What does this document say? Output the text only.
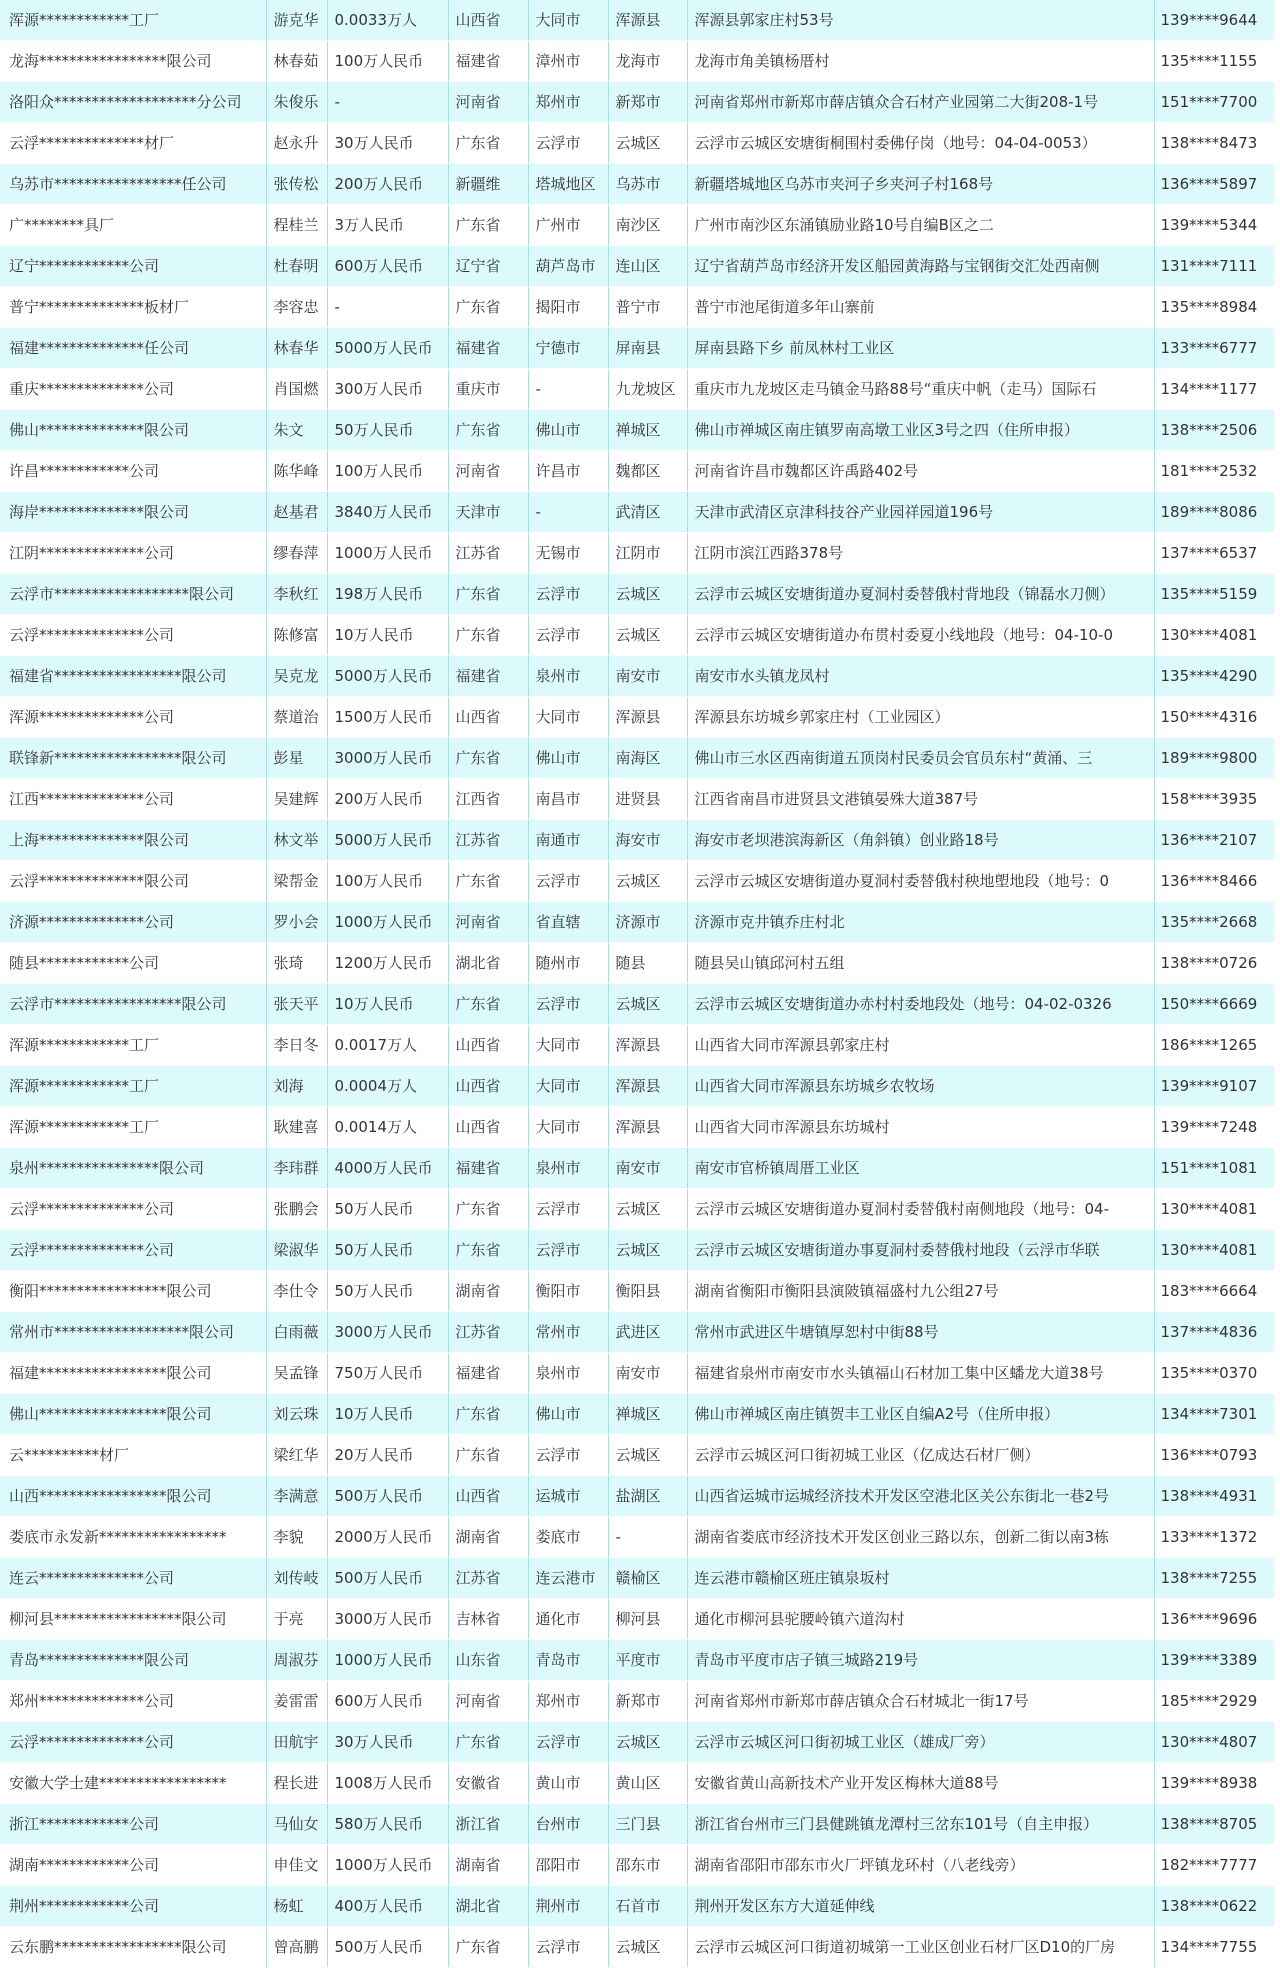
浑源************工厂	游克华	0.0033万人	山西省	大同市	浑源县	浑源县郭家庄村53号	139****9644
龙海*****************限公司	林春茹	100万人民币	福建省	漳州市	龙海市	龙海市角美镇杨厝村	135****1155
洛阳众*******************分公司	朱俊乐	-	河南省	郑州市	新郑市	河南省郑州市新郑市薛店镇众合石材产业园第二大街208-1号	151****7700
云浮**************材厂	赵永升	30万人民币	广东省	云浮市	云城区	云浮市云城区安塘街桐围村委佛仔岗（地号：04-04-0053）	138****8473
乌苏市*****************任公司	张传松	200万人民币	新疆维	塔城地区	乌苏市	新疆塔城地区乌苏市夹河子乡夹河子村168号	136****5897
广********具厂	程桂兰	3万人民币	广东省	广州市	南沙区	广州市南沙区东涌镇励业路10号自编B区之二	139****5344
辽宁************公司	杜春明	600万人民币	辽宁省	葫芦岛市	连山区	辽宁省葫芦岛市经济开发区船园黄海路与宝钢街交汇处西南侧	131****7111
普宁**************板材厂	李容忠	-	广东省	揭阳市	普宁市	普宁市池尾街道多年山寨前	135****8984
福建**************任公司	林春华	5000万人民币	福建省	宁德市	屏南县	屏南县路下乡 前凤林村工业区	133****6777
重庆**************公司	肖国燃	300万人民币	重庆市	-	九龙坡区	重庆市九龙坡区走马镇金马路88号“重庆中帆（走马）国际石	134****1177
佛山**************限公司	朱文	50万人民币	广东省	佛山市	禅城区	佛山市禅城区南庄镇罗南高墩工业区3号之四（住所申报）	138****2506
许昌************公司	陈华峰	100万人民币	河南省	许昌市	魏都区	河南省许昌市魏都区许禹路402号	181****2532
海岸**************限公司	赵基君	3840万人民币	天津市	-	武清区	天津市武清区京津科技谷产业园祥园道196号	189****8086
江阴**************公司	缪春萍	1000万人民币	江苏省	无锡市	江阴市	江阴市滨江西路378号	137****6537
云浮市******************限公司	李秋红	198万人民币	广东省	云浮市	云城区	云浮市云城区安塘街道办夏洞村委替俄村背地段（锦磊水刀侧）	135****5159
云浮**************公司	陈修富	10万人民币	广东省	云浮市	云城区	云浮市云城区安塘街道办布贯村委夏小线地段（地号：04-10-0	130****4081
福建省*****************限公司	吴克龙	5000万人民币	福建省	泉州市	南安市	南安市水头镇龙凤村	135****4290
浑源**************公司	蔡道治	1500万人民币	山西省	大同市	浑源县	浑源县东坊城乡郭家庄村（工业园区）	150****4316
联锋新*****************限公司	彭星	3000万人民币	广东省	佛山市	南海区	佛山市三水区西南街道五顶岗村民委员会官员东村“黄涌、三	189****9800
江西**************公司	吴建辉	200万人民币	江西省	南昌市	进贤县	江西省南昌市进贤县文港镇晏殊大道387号	158****3935
上海**************限公司	林文举	5000万人民币	江苏省	南通市	海安市	海安市老坝港滨海新区（角斜镇）创业路18号	136****2107
云浮**************限公司	梁帮金	100万人民币	广东省	云浮市	云城区	云浮市云城区安塘街道办夏洞村委替俄村秧地塱地段（地号：0	136****8466
济源**************公司	罗小会	1000万人民币	河南省	省直辖	济源市	济源市克井镇乔庄村北	135****2668
随县************公司	张琦	1200万人民币	湖北省	随州市	随县	随县吴山镇邱河村五组	138****0726
云浮市*****************限公司	张天平	10万人民币	广东省	云浮市	云城区	云浮市云城区安塘街道办赤村村委地段处（地号：04-02-0326	150****6669
浑源************工厂	李日冬	0.0017万人	山西省	大同市	浑源县	山西省大同市浑源县郭家庄村	186****1265
浑源************工厂	刘海	0.0004万人	山西省	大同市	浑源县	山西省大同市浑源县东坊城乡农牧场	139****9107
浑源************工厂	耿建喜	0.0014万人	山西省	大同市	浑源县	山西省大同市浑源县东坊城村	139****7248
泉州****************限公司	李玮群	4000万人民币	福建省	泉州市	南安市	南安市官桥镇周厝工业区	151****1081
云浮**************公司	张鹏会	50万人民币	广东省	云浮市	云城区	云浮市云城区安塘街道办夏洞村委替俄村南侧地段（地号：04-	130****4081
云浮**************公司	梁淑华	50万人民币	广东省	云浮市	云城区	云浮市云城区安塘街道办事夏洞村委替俄村地段（云浮市华联	130****4081
衡阳*****************限公司	李仕令	50万人民币	湖南省	衡阳市	衡阳县	湖南省衡阳市衡阳县演陂镇福盛村九公组27号	183****6664
常州市******************限公司	白雨薇	3000万人民币	江苏省	常州市	武进区	常州市武进区牛塘镇厚恕村中街88号	137****4836
福建*****************限公司	吴孟锋	750万人民币	福建省	泉州市	南安市	福建省泉州市南安市水头镇福山石材加工集中区蟠龙大道38号	135****0370
佛山*****************限公司	刘云珠	10万人民币	广东省	佛山市	禅城区	佛山市禅城区南庄镇贺丰工业区自编A2号（住所申报）	134****7301
云**********材厂	梁红华	20万人民币	广东省	云浮市	云城区	云浮市云城区河口街初城工业区（亿成达石材厂侧）	136****0793
山西*****************限公司	李满意	500万人民币	山西省	运城市	盐湖区	山西省运城市运城经济技术开发区空港北区关公东街北一巷2号	138****4931
娄底市永发新*****************	李貌	2000万人民币	湖南省	娄底市	-	湖南省娄底市经济技术开发区创业三路以东，创新二街以南3栋	133****1372
连云**************公司	刘传岐	500万人民币	江苏省	连云港市	赣榆区	连云港市赣榆区班庄镇泉坂村	138****7255
柳河县*****************限公司	于亮	3000万人民币	吉林省	通化市	柳河县	通化市柳河县驼腰岭镇六道沟村	136****9696
青岛**************限公司	周淑芬	1000万人民币	山东省	青岛市	平度市	青岛市平度市店子镇三城路219号	139****3389
郑州**************公司	姜雷雷	600万人民币	河南省	郑州市	新郑市	河南省郑州市新郑市薛店镇众合石材城北一街17号	185****2929
云浮**************公司	田航宇	30万人民币	广东省	云浮市	云城区	云浮市云城区河口街初城工业区（雄成厂旁）	130****4807
安徽大学士建*****************	程长进	1008万人民币	安徽省	黄山市	黄山区	安徽省黄山高新技术产业开发区梅林大道88号	139****8938
浙江************公司	马仙女	580万人民币	浙江省	台州市	三门县	浙江省台州市三门县健跳镇龙潭村三岔东101号（自主申报）	138****8705
湖南************公司	申佳文	1000万人民币	湖南省	邵阳市	邵东市	湖南省邵阳市邵东市火厂坪镇龙环村（八老线旁）	182****7777
荆州************公司	杨虹	400万人民币	湖北省	荆州市	石首市	荆州开发区东方大道延伸线	138****0622
云东鹏*****************限公司	曾高鹏	500万人民币	广东省	云浮市	云城区	云浮市云城区河口街道初城第一工业区创业石材厂区D10的厂房	134****7755
